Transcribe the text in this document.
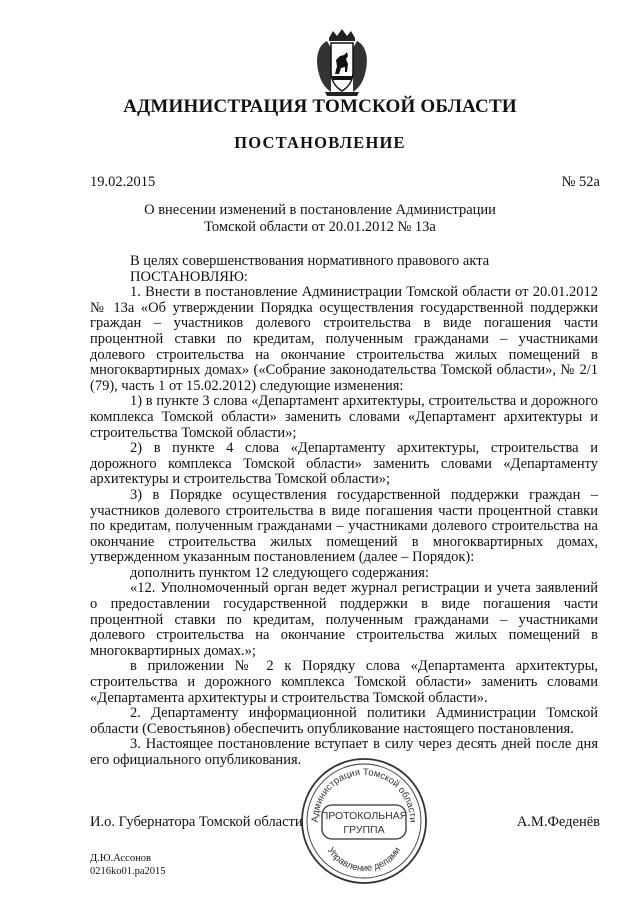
АДМИНИСТРАЦИЯ ТОМСКОЙ ОБЛАСТИ
ПОСТАНОВЛЕНИЕ
19.02.2015	№ 52а
О внесении изменений в постановление Администрации
Томской области от 20.01.2012 № 13а

В целях совершенствования нормативного правового акта

ПОСТАНОВЛЯЮ:

1. Внести в постановление Администрации Томской области от 20.01.2012 № 13а «Об утверждении Порядка осуществления государственной поддержки граждан – участников долевого строительства в виде погашения части процентной ставки по кредитам, полученным гражданами – участниками долевого строительства на окончание строительства жилых помещений в многоквартирных домах» («Собрание законодательства Томской области», № 2/1 (79), часть 1 от 15.02.2012) следующие изменения:

1) в пункте 3 слова «Департамент архитектуры, строительства и дорожного комплекса Томской области» заменить словами «Департамент архитектуры и строительства Томской области»;

2) в пункте 4 слова «Департаменту архитектуры, строительства и дорожного комплекса Томской области» заменить словами «Департаменту архитектуры и строительства Томской области»;

3) в Порядке осуществления государственной поддержки граждан – участников долевого строительства в виде погашения части процентной ставки по кредитам, полученным гражданами – участниками долевого строительства на окончание строительства жилых помещений в многоквартирных домах, утвержденном указанным постановлением (далее – Порядок):

дополнить пунктом 12 следующего содержания:

«12. Уполномоченный орган ведет журнал регистрации и учета заявлений о предоставлении государственной поддержки в виде погашения части процентной ставки по кредитам, полученным гражданами – участниками долевого строительства на окончание строительства жилых помещений в многоквартирных домах.»;

в приложении № 2 к Порядку слова «Департамента архитектуры, строительства и дорожного комплекса Томской области» заменить словами «Департамента архитектуры и строительства Томской области».

2. Департаменту информационной политики Администрации Томской области (Севостьянов) обеспечить опубликование настоящего постановления.

3. Настоящее постановление вступает в силу через десять дней после дня его официального опубликования.

И.о. Губернатора Томской области	А.М.Феденёв
Администрация Томской области
Управление делами
ПРОТОКОЛЬНАЯ
ГРУППА
Д.Ю.Ассонов
0216ko01.pa2015
